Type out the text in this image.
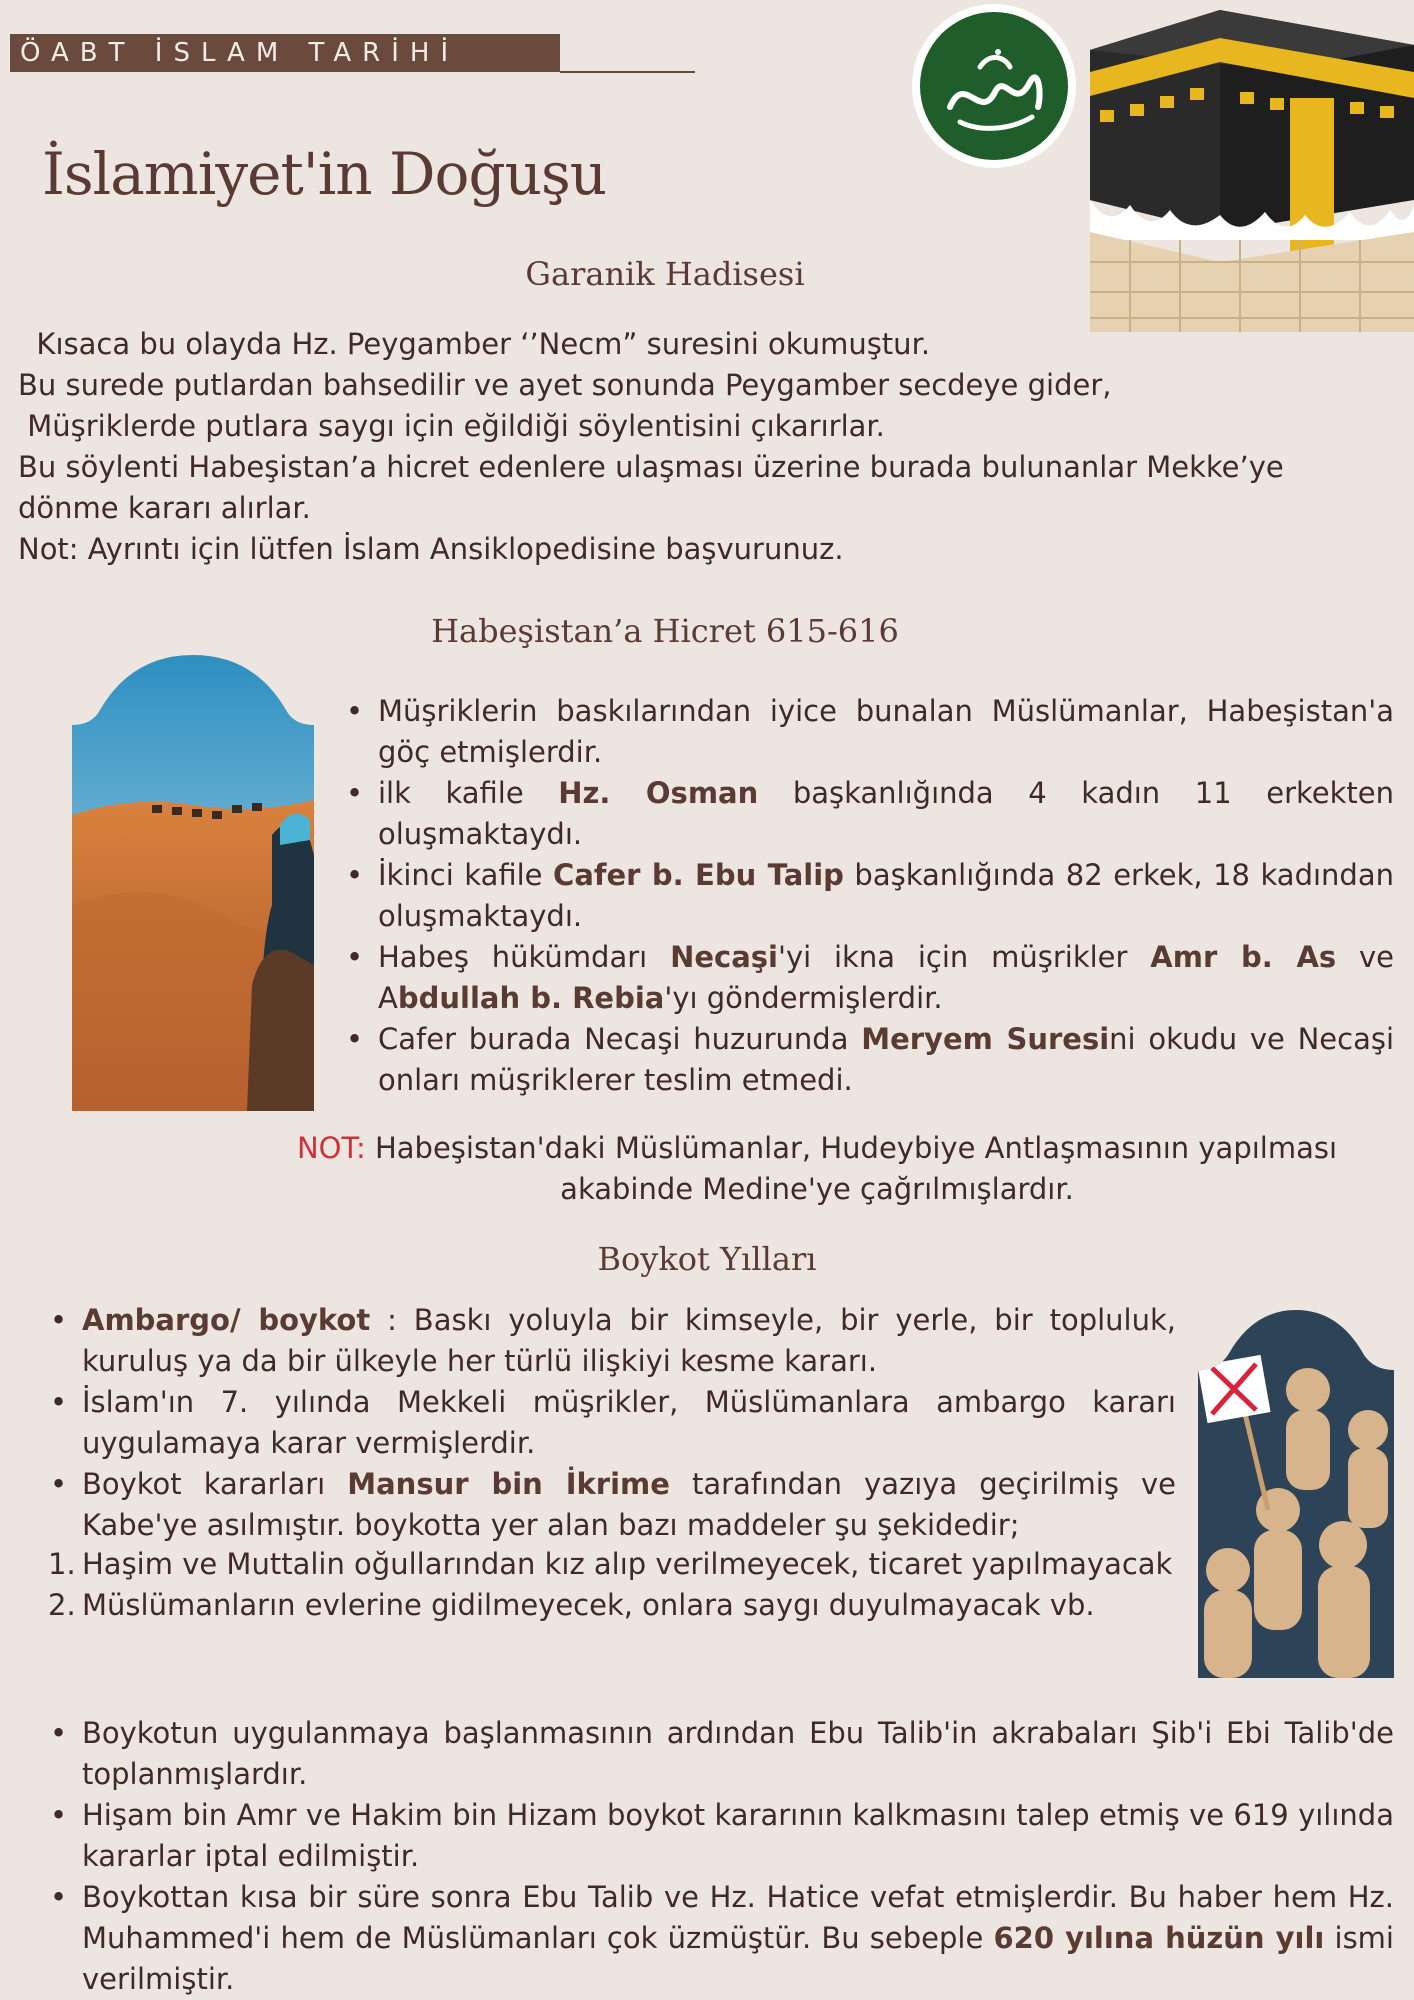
ÖABT İSLAM TARİHİ
İslamiyet'in Doğuşu
Garanik Hadisesi
Kısaca bu olayda Hz. Peygamber ‘’Necm” suresini okumuştur.
Bu surede putlardan bahsedilir ve ayet sonunda Peygamber secdeye gider,
Müşriklerde putlara saygı için eğildiği söylentisini çıkarırlar.
Bu söylenti Habeşistan’a hicret edenlere ulaşması üzerine burada bulunanlar Mekke’ye
dönme kararı alırlar.
Not: Ayrıntı için lütfen İslam Ansiklopedisine başvurunuz.
Habeşistan’a Hicret 615-616
• Müşriklerin baskılarından iyice bunalan Müslümanlar, Habeşistan'a göç etmişlerdir.
• ilk kafile Hz. Osman başkanlığında 4 kadın 11 erkekten oluşmaktaydı.
• İkinci kafile Cafer b. Ebu Talip başkanlığında 82 erkek, 18 kadından oluşmaktaydı.
• Habeş hükümdarı Necaşi'yi ikna için müşrikler Amr b. As ve Abdullah b. Rebia'yı göndermişlerdir.
• Cafer burada Necaşi huzurunda Meryem Suresini okudu ve Necaşi onları müşriklerer teslim etmedi.
NOT: Habeşistan'daki Müslümanlar, Hudeybiye Antlaşmasının yapılması akabinde Medine'ye çağrılmışlardır.
Boykot Yılları
• Ambargo/ boykot : Baskı yoluyla bir kimseyle, bir yerle, bir topluluk, kuruluş ya da bir ülkeyle her türlü ilişkiyi kesme kararı.
• İslam'ın 7. yılında Mekkeli müşrikler, Müslümanlara ambargo kararı uygulamaya karar vermişlerdir.
• Boykot kararları Mansur bin İkrime tarafından yazıya geçirilmiş ve Kabe'ye asılmıştır. boykotta yer alan bazı maddeler şu şekidedir;
1. Haşim ve Muttalin oğullarından kız alıp verilmeyecek, ticaret yapılmayacak
2. Müslümanların evlerine gidilmeyecek, onlara saygı duyulmayacak vb.
• Boykotun uygulanmaya başlanmasının ardından Ebu Talib'in akrabaları Şib'i Ebi Talib'de toplanmışlardır.
• Hişam bin Amr ve Hakim bin Hizam boykot kararının kalkmasını talep etmiş ve 619 yılında kararlar iptal edilmiştir.
• Boykottan kısa bir süre sonra Ebu Talib ve Hz. Hatice vefat etmişlerdir. Bu haber hem Hz. Muhammed'i hem de Müslümanları çok üzmüştür. Bu sebeple 620 yılına hüzün yılı ismi verilmiştir.
